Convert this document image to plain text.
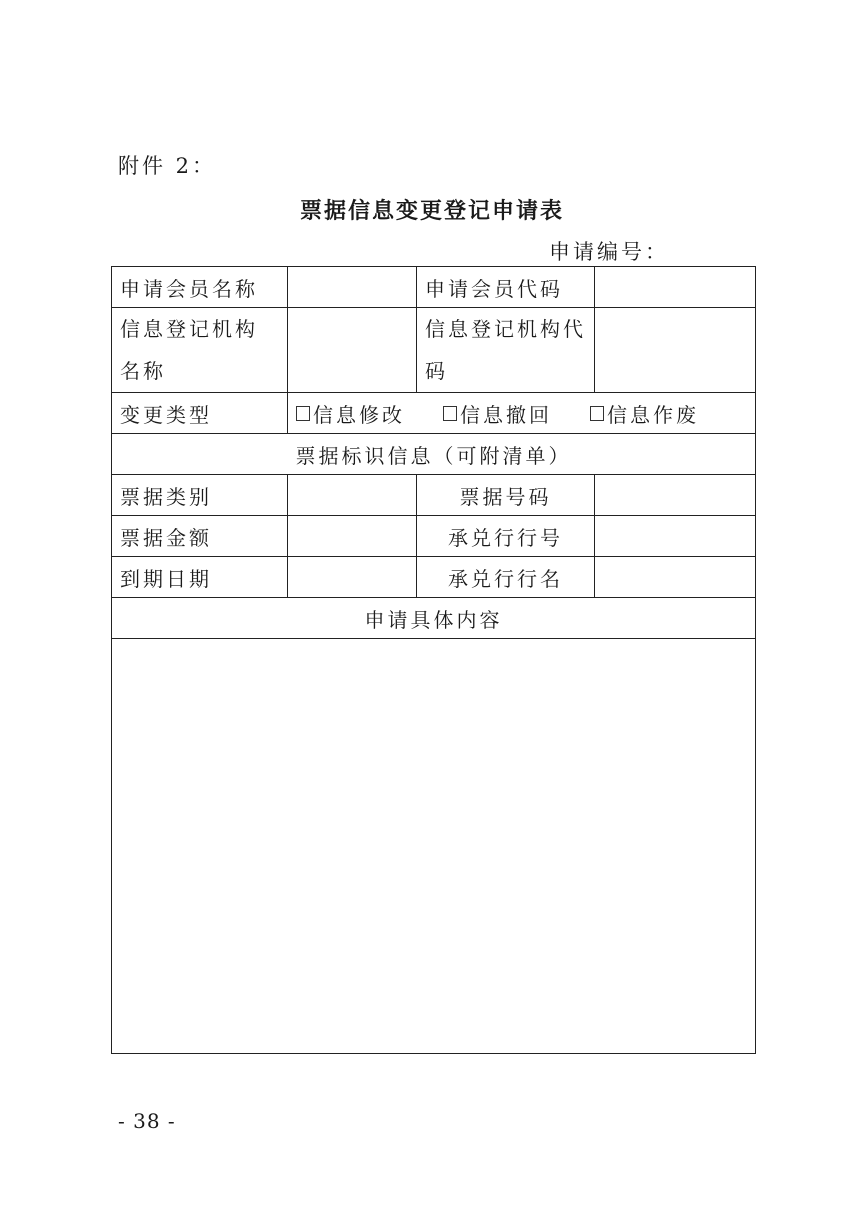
附件 2：
票据信息变更登记申请表
申请编号：
申请会员名称		申请会员代码	
信息登记机构名称		信息登记机构代码	
变更类型	信息修改 信息撤回 信息作废		

票据标识信息（可附清单）			
票据类别		票据号码	
票据金额		承兑行行号	
到期日期		承兑行行名	
申请具体内容			

- 38 -
